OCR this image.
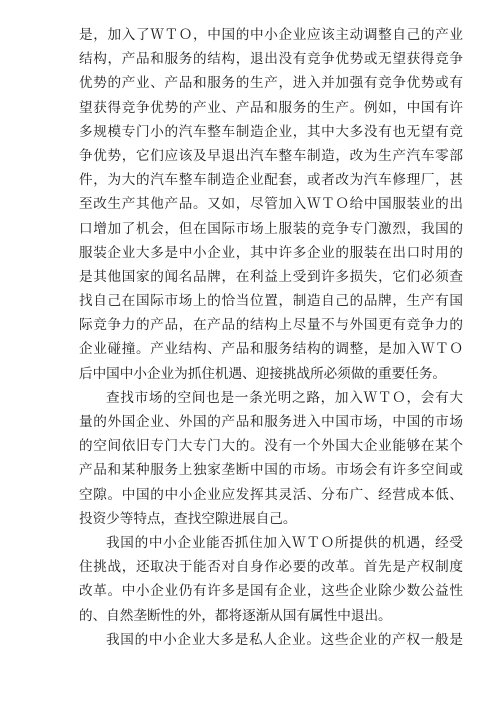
是，加入了ＷＴＯ，中国的中小企业应该主动调整自己的产业
结构，产品和服务的结构，退出没有竞争优势或无望获得竞争
优势的产业、产品和服务的生产，进入并加强有竞争优势或有
望获得竞争优势的产业、产品和服务的生产。例如，中国有许
多规模专门小的汽车整车制造企业，其中大多没有也无望有竞
争优势，它们应该及早退出汽车整车制造，改为生产汽车零部
件，为大的汽车整车制造企业配套，或者改为汽车修理厂，甚
至改生产其他产品。又如，尽管加入ＷＴＯ给中国服装业的出
口增加了机会，但在国际市场上服装的竞争专门激烈，我国的
服装企业大多是中小企业，其中许多企业的服装在出口时用的
是其他国家的闻名品牌，在利益上受到许多损失，它们必须查
找自己在国际市场上的恰当位置，制造自己的品牌，生产有国
际竞争力的产品，在产品的结构上尽量不与外国更有竞争力的
企业碰撞。产业结构、产品和服务结构的调整，是加入ＷＴＯ
后中国中小企业为抓住机遇、迎接挑战所必须做的重要任务。
查找市场的空间也是一条光明之路，加入ＷＴＯ，会有大
量的外国企业、外国的产品和服务进入中国市场，中国的市场
的空间依旧专门大专门大的。没有一个外国大企业能够在某个
产品和某种服务上独家垄断中国的市场。市场会有许多空间或
空隙。中国的中小企业应发挥其灵活、分布广、经营成本低、
投资少等特点，查找空隙进展自己。
我国的中小企业能否抓住加入ＷＴＯ所提供的机遇，经受
住挑战，还取决于能否对自身作必要的改革。首先是产权制度
改革。中小企业仍有许多是国有企业，这些企业除少数公益性
的、自然垄断性的外，都将逐渐从国有属性中退出。
我国的中小企业大多是私人企业。这些企业的产权一般是
